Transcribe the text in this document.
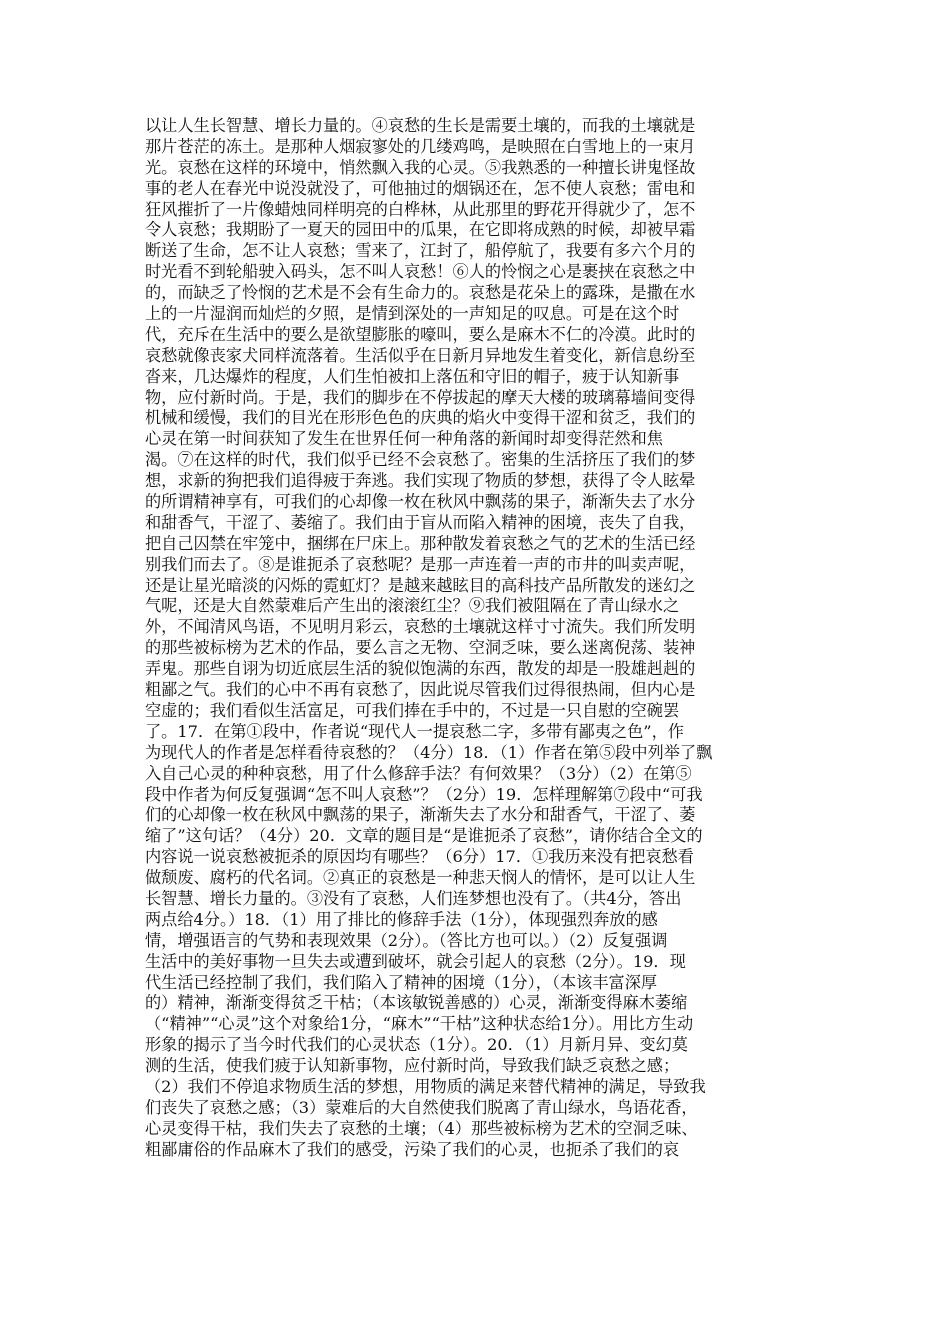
以让人生长智慧、增长力量的。④哀愁的生长是需要土壤的，而我的土壤就是
那片苍茫的冻土。是那种人烟寂寥处的几缕鸡鸣，是映照在白雪地上的一束月
光。哀愁在这样的环境中，悄然飘入我的心灵。⑤我熟悉的一种擅长讲鬼怪故
事的老人在春光中说没就没了，可他抽过的烟锅还在，怎不使人哀愁；雷电和
狂风摧折了一片像蜡烛同样明亮的白桦林，从此那里的野花开得就少了，怎不
令人哀愁；我期盼了一夏天的园田中的瓜果，在它即将成熟的时候，却被早霜
断送了生命，怎不让人哀愁；雪来了，江封了，船停航了，我要有多六个月的
时光看不到轮船驶入码头，怎不叫人哀愁！⑥人的怜悯之心是裹挟在哀愁之中
的，而缺乏了怜悯的艺术是不会有生命力的。哀愁是花朵上的露珠，是撒在水
上的一片湿润而灿烂的夕照，是情到深处的一声知足的叹息。可是在这个时
代，充斥在生活中的要么是欲望膨胀的嚎叫，要么是麻木不仁的冷漠。此时的
哀愁就像丧家犬同样流落着。生活似乎在日新月异地发生着变化，新信息纷至
沓来，几达爆炸的程度，人们生怕被扣上落伍和守旧的帽子，疲于认知新事
物，应付新时尚。于是，我们的脚步在不停拔起的摩天大楼的玻璃幕墙间变得
机械和缓慢，我们的目光在形形色色的庆典的焰火中变得干涩和贫乏，我们的
心灵在第一时间获知了发生在世界任何一种角落的新闻时却变得茫然和焦
渴。⑦在这样的时代，我们似乎已经不会哀愁了。密集的生活挤压了我们的梦
想，求新的狗把我们追得疲于奔逃。我们实现了物质的梦想，获得了令人眩晕
的所谓精神享有，可我们的心却像一枚在秋风中飘荡的果子，渐渐失去了水分
和甜香气，干涩了、萎缩了。我们由于盲从而陷入精神的困境，丧失了自我，
把自己囚禁在牢笼中，捆绑在尸床上。那种散发着哀愁之气的艺术的生活已经
别我们而去了。⑧是谁扼杀了哀愁呢？是那一声连着一声的市井的叫卖声呢，
还是让星光暗淡的闪烁的霓虹灯？是越来越眩目的高科技产品所散发的迷幻之
气呢，还是大自然蒙难后产生出的滚滚红尘？⑨我们被阻隔在了青山绿水之
外，不闻清风鸟语，不见明月彩云，哀愁的土壤就这样寸寸流失。我们所发明
的那些被标榜为艺术的作品，要么言之无物、空洞乏味，要么迷离倪荡、装神
弄鬼。那些自诩为切近底层生活的貌似饱满的东西，散发的却是一股雄赳赳的
粗鄙之气。我们的心中不再有哀愁了，因此说尽管我们过得很热闹，但内心是
空虚的；我们看似生活富足，可我们捧在手中的，不过是一只自慰的空碗罢
了。17．在第①段中，作者说“现代人一提哀愁二字，多带有鄙夷之色”，作
为现代人的作者是怎样看待哀愁的？（4分）18．（1）作者在第⑤段中列举了飘
入自己心灵的种种哀愁，用了什么修辞手法？有何效果？（3分）（2）在第⑤
段中作者为何反复强调“怎不叫人哀愁”？（2分）19．怎样理解第⑦段中“可我
们的心却像一枚在秋风中飘荡的果子，渐渐失去了水分和甜香气，干涩了、萎
缩了”这句话？（4分）20．文章的题目是“是谁扼杀了哀愁”，请你结合全文的
内容说一说哀愁被扼杀的原因均有哪些？（6分）17．①我历来没有把哀愁看
做颓废、腐朽的代名词。②真正的哀愁是一种悲天悯人的情怀，是可以让人生
长智慧、增长力量的。③没有了哀愁，人们连梦想也没有了。（共4分，答出
两点给4分。）18．（1）用了排比的修辞手法（1分），体现强烈奔放的感
情，增强语言的气势和表现效果（2分）。（答比方也可以。）（2）反复强调
生活中的美好事物一旦失去或遭到破坏，就会引起人的哀愁（2分）。19．现
代生活已经控制了我们，我们陷入了精神的困境（1分），（本该丰富深厚
的）精神，渐渐变得贫乏干枯；（本该敏锐善感的）心灵，渐渐变得麻木萎缩
（“精神”“心灵”这个对象给1分，“麻木”“干枯”这种状态给1分）。用比方生动
形象的揭示了当今时代我们的心灵状态（1分）。20．（1）月新月异、变幻莫
测的生活，使我们疲于认知新事物，应付新时尚，导致我们缺乏哀愁之感；
（2）我们不停追求物质生活的梦想，用物质的满足来替代精神的满足，导致我
们丧失了哀愁之感；（3）蒙难后的大自然使我们脱离了青山绿水，鸟语花香，
心灵变得干枯，我们失去了哀愁的土壤；（4）那些被标榜为艺术的空洞乏味、
粗鄙庸俗的作品麻木了我们的感受，污染了我们的心灵，也扼杀了我们的哀
